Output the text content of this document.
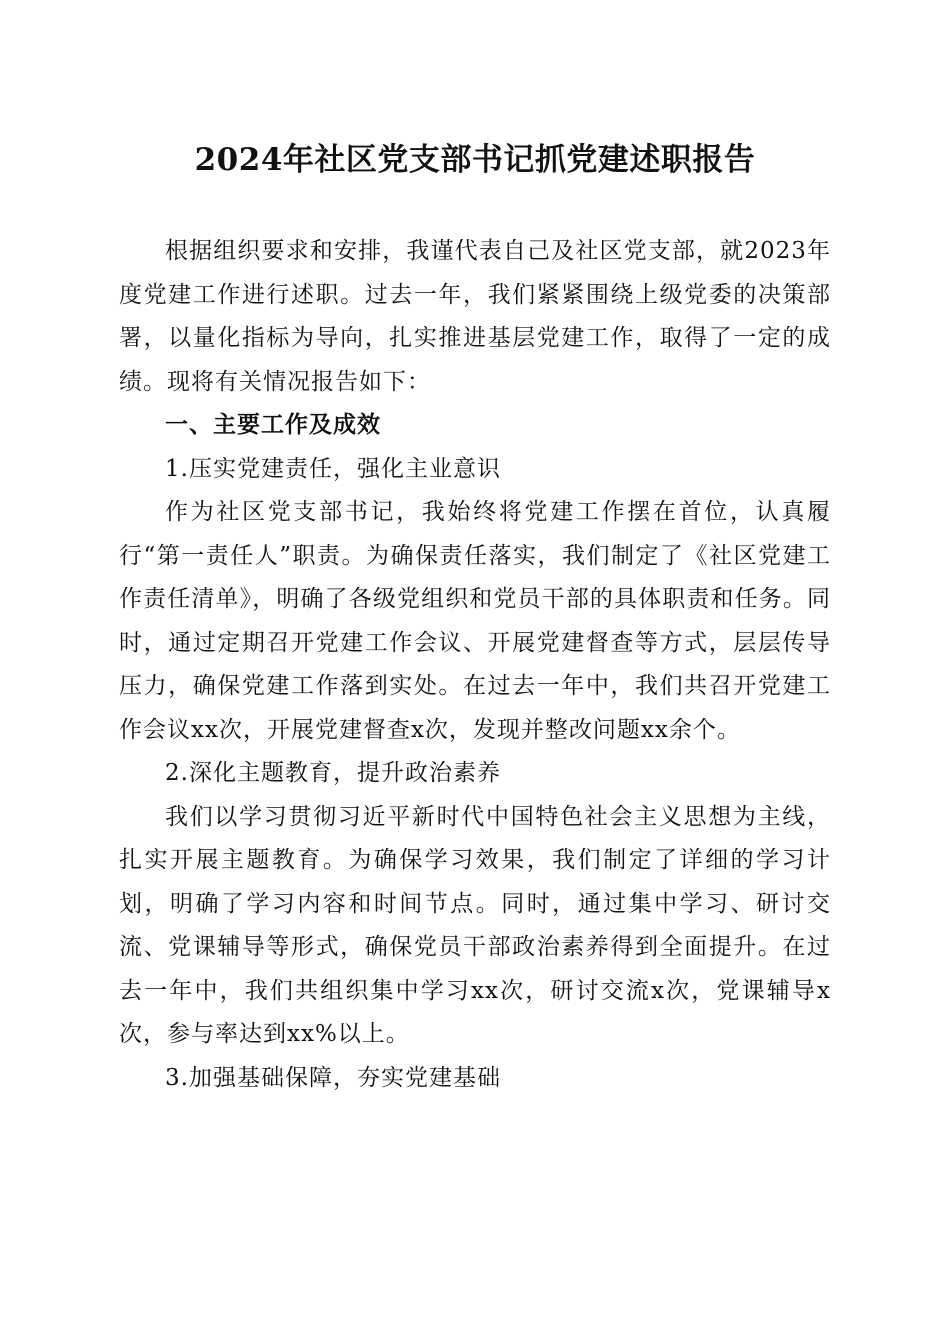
2024年社区党支部书记抓党建述职报告

根据组织要求和安排，我谨代表自己及社区党支部，就2023年度党建工作进行述职。过去一年，我们紧紧围绕上级党委的决策部署，以量化指标为导向，扎实推进基层党建工作，取得了一定的成绩。现将有关情况报告如下：

一、主要工作及成效

1.压实党建责任，强化主业意识

作为社区党支部书记，我始终将党建工作摆在首位，认真履行“第一责任人”职责。为确保责任落实，我们制定了《社区党建工作责任清单》，明确了各级党组织和党员干部的具体职责和任务。同时，通过定期召开党建工作会议、开展党建督查等方式，层层传导压力，确保党建工作落到实处。在过去一年中，我们共召开党建工作会议xx次，开展党建督查x次，发现并整改问题xx余个。

2.深化主题教育，提升政治素养

我们以学习贯彻习近平新时代中国特色社会主义思想为主线，扎实开展主题教育。为确保学习效果，我们制定了详细的学习计划，明确了学习内容和时间节点。同时，通过集中学习、研讨交流、党课辅导等形式，确保党员干部政治素养得到全面提升。在过去一年中，我们共组织集中学习xx次，研讨交流x次，党课辅导x次，参与率达到xx%以上。

3.加强基础保障，夯实党建基础
